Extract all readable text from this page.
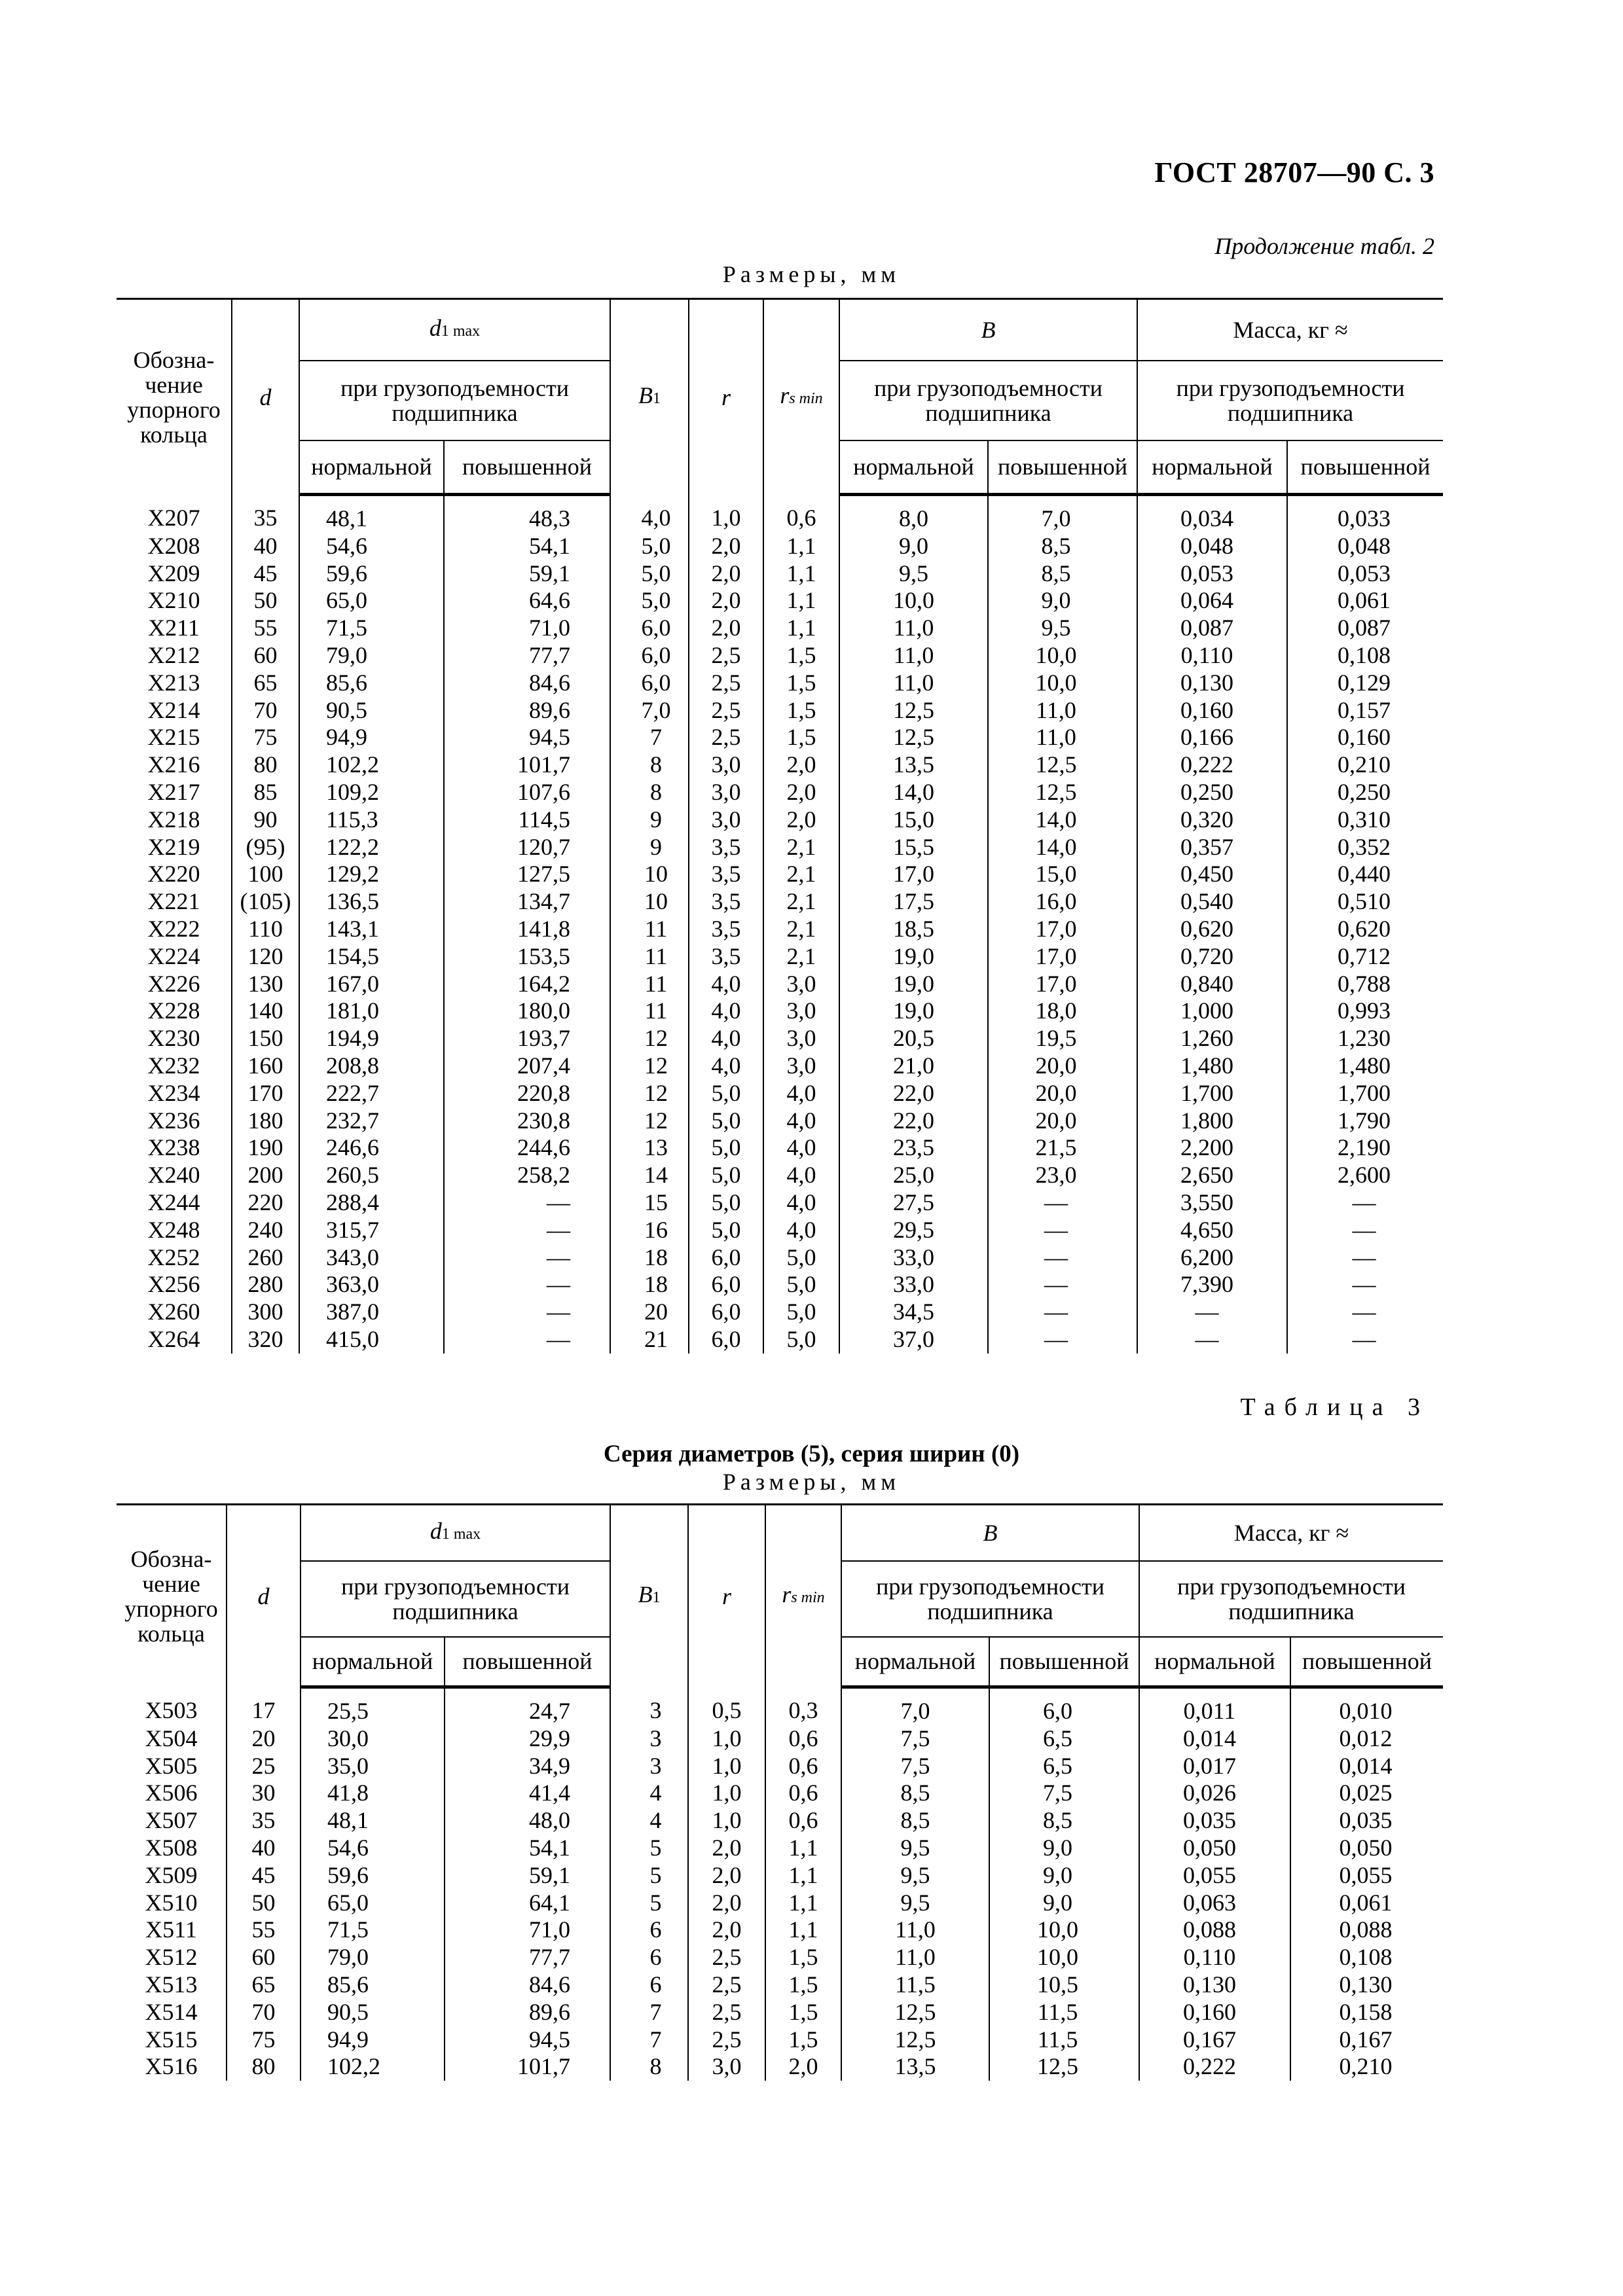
ГОСТ 28707—90 С. 3
Продолжение табл. 2
Размеры, мм
Обозна-чение упорного кольца	d	d1 max		B1	r	rs min	B		Масса, кг ≈	
		при грузоподъемности подшипника					при грузоподъемности подшипника		при грузоподъемности подшипника	
		нормальной	повышенной				нормальной	повышенной	нормальной	повышенной
X207	35	48,1	48,3	4,0	1,0	0,6	8,0	7,0	0,034	0,033
X208	40	54,6	54,1	5,0	2,0	1,1	9,0	8,5	0,048	0,048
X209	45	59,6	59,1	5,0	2,0	1,1	9,5	8,5	0,053	0,053
X210	50	65,0	64,6	5,0	2,0	1,1	10,0	9,0	0,064	0,061
X211	55	71,5	71,0	6,0	2,0	1,1	11,0	9,5	0,087	0,087
X212	60	79,0	77,7	6,0	2,5	1,5	11,0	10,0	0,110	0,108
X213	65	85,6	84,6	6,0	2,5	1,5	11,0	10,0	0,130	0,129
X214	70	90,5	89,6	7,0	2,5	1,5	12,5	11,0	0,160	0,157
X215	75	94,9	94,5	7	2,5	1,5	12,5	11,0	0,166	0,160
X216	80	102,2	101,7	8	3,0	2,0	13,5	12,5	0,222	0,210
X217	85	109,2	107,6	8	3,0	2,0	14,0	12,5	0,250	0,250
X218	90	115,3	114,5	9	3,0	2,0	15,0	14,0	0,320	0,310
X219	(95)	122,2	120,7	9	3,5	2,1	15,5	14,0	0,357	0,352
X220	100	129,2	127,5	10	3,5	2,1	17,0	15,0	0,450	0,440
X221	(105)	136,5	134,7	10	3,5	2,1	17,5	16,0	0,540	0,510
X222	110	143,1	141,8	11	3,5	2,1	18,5	17,0	0,620	0,620
X224	120	154,5	153,5	11	3,5	2,1	19,0	17,0	0,720	0,712
X226	130	167,0	164,2	11	4,0	3,0	19,0	17,0	0,840	0,788
X228	140	181,0	180,0	11	4,0	3,0	19,0	18,0	1,000	0,993
X230	150	194,9	193,7	12	4,0	3,0	20,5	19,5	1,260	1,230
X232	160	208,8	207,4	12	4,0	3,0	21,0	20,0	1,480	1,480
X234	170	222,7	220,8	12	5,0	4,0	22,0	20,0	1,700	1,700
X236	180	232,7	230,8	12	5,0	4,0	22,0	20,0	1,800	1,790
X238	190	246,6	244,6	13	5,0	4,0	23,5	21,5	2,200	2,190
X240	200	260,5	258,2	14	5,0	4,0	25,0	23,0	2,650	2,600
X244	220	288,4	—	15	5,0	4,0	27,5	—	3,550	—
X248	240	315,7	—	16	5,0	4,0	29,5	—	4,650	—
X252	260	343,0	—	18	6,0	5,0	33,0	—	6,200	—
X256	280	363,0	—	18	6,0	5,0	33,0	—	7,390	—
X260	300	387,0	—	20	6,0	5,0	34,5	—	—	—
X264	320	415,0	—	21	6,0	5,0	37,0	—	—	—
Таблица 3
Серия диаметров (5), серия ширин (0)
Размеры, мм
Обозна-чение упорного кольца	d	d1 max		B1	r	rs min	B		Масса, кг ≈	
		при грузоподъемности подшипника					при грузоподъемности подшипника		при грузоподъемности подшипника	
		нормальной	повышенной				нормальной	повышенной	нормальной	повышенной
X503	17	25,5	24,7	3	0,5	0,3	7,0	6,0	0,011	0,010
X504	20	30,0	29,9	3	1,0	0,6	7,5	6,5	0,014	0,012
X505	25	35,0	34,9	3	1,0	0,6	7,5	6,5	0,017	0,014
X506	30	41,8	41,4	4	1,0	0,6	8,5	7,5	0,026	0,025
X507	35	48,1	48,0	4	1,0	0,6	8,5	8,5	0,035	0,035
X508	40	54,6	54,1	5	2,0	1,1	9,5	9,0	0,050	0,050
X509	45	59,6	59,1	5	2,0	1,1	9,5	9,0	0,055	0,055
X510	50	65,0	64,1	5	2,0	1,1	9,5	9,0	0,063	0,061
X511	55	71,5	71,0	6	2,0	1,1	11,0	10,0	0,088	0,088
X512	60	79,0	77,7	6	2,5	1,5	11,0	10,0	0,110	0,108
X513	65	85,6	84,6	6	2,5	1,5	11,5	10,5	0,130	0,130
X514	70	90,5	89,6	7	2,5	1,5	12,5	11,5	0,160	0,158
X515	75	94,9	94,5	7	2,5	1,5	12,5	11,5	0,167	0,167
X516	80	102,2	101,7	8	3,0	2,0	13,5	12,5	0,222	0,210
